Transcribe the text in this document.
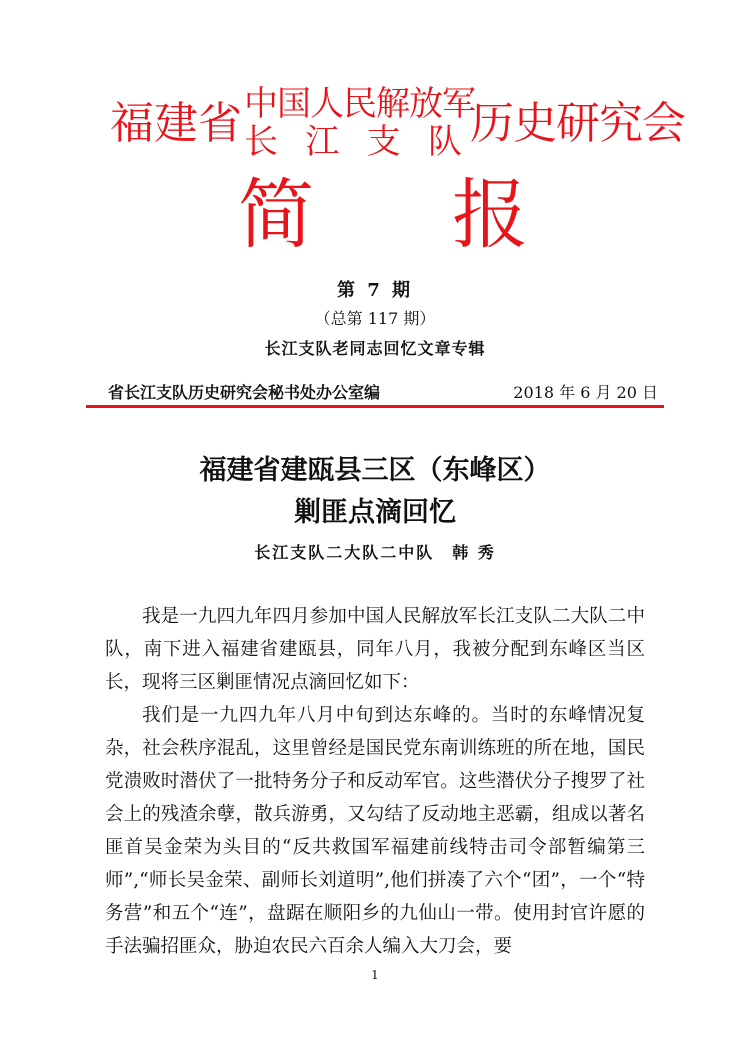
福建省 中国人民解放军
长 江 支 队 历史研究会
简 报
第 7 期
（总第 117 期）
长江支队老同志回忆文章专辑
省长江支队历史研究会秘书处办公室编	2018 年 6 月 20 日
福建省建瓯县三区（东峰区）
剿匪点滴回忆
长江支队二大队二中队　韩 秀

我是一九四九年四月参加中国人民解放军长江支队二大队二中队，南下进入福建省建瓯县，同年八月，我被分配到东峰区当区长，现将三区剿匪情况点滴回忆如下：

我们是一九四九年八月中旬到达东峰的。当时的东峰情况复杂，社会秩序混乱，这里曾经是国民党东南训练班的所在地，国民党溃败时潜伏了一批特务分子和反动军官。这些潜伏分子搜罗了社会上的残渣余孽，散兵游勇，又勾结了反动地主恶霸，组成以著名匪首吴金荣为头目的“反共救国军福建前线特击司令部暂编第三师”,“师长吴金荣、副师长刘道明”,他们拼凑了六个“团”，一个“特务营”和五个“连”，盘踞在顺阳乡的九仙山一带。使用封官许愿的手法骗招匪众，胁迫农民六百余人编入大刀会，要

1
